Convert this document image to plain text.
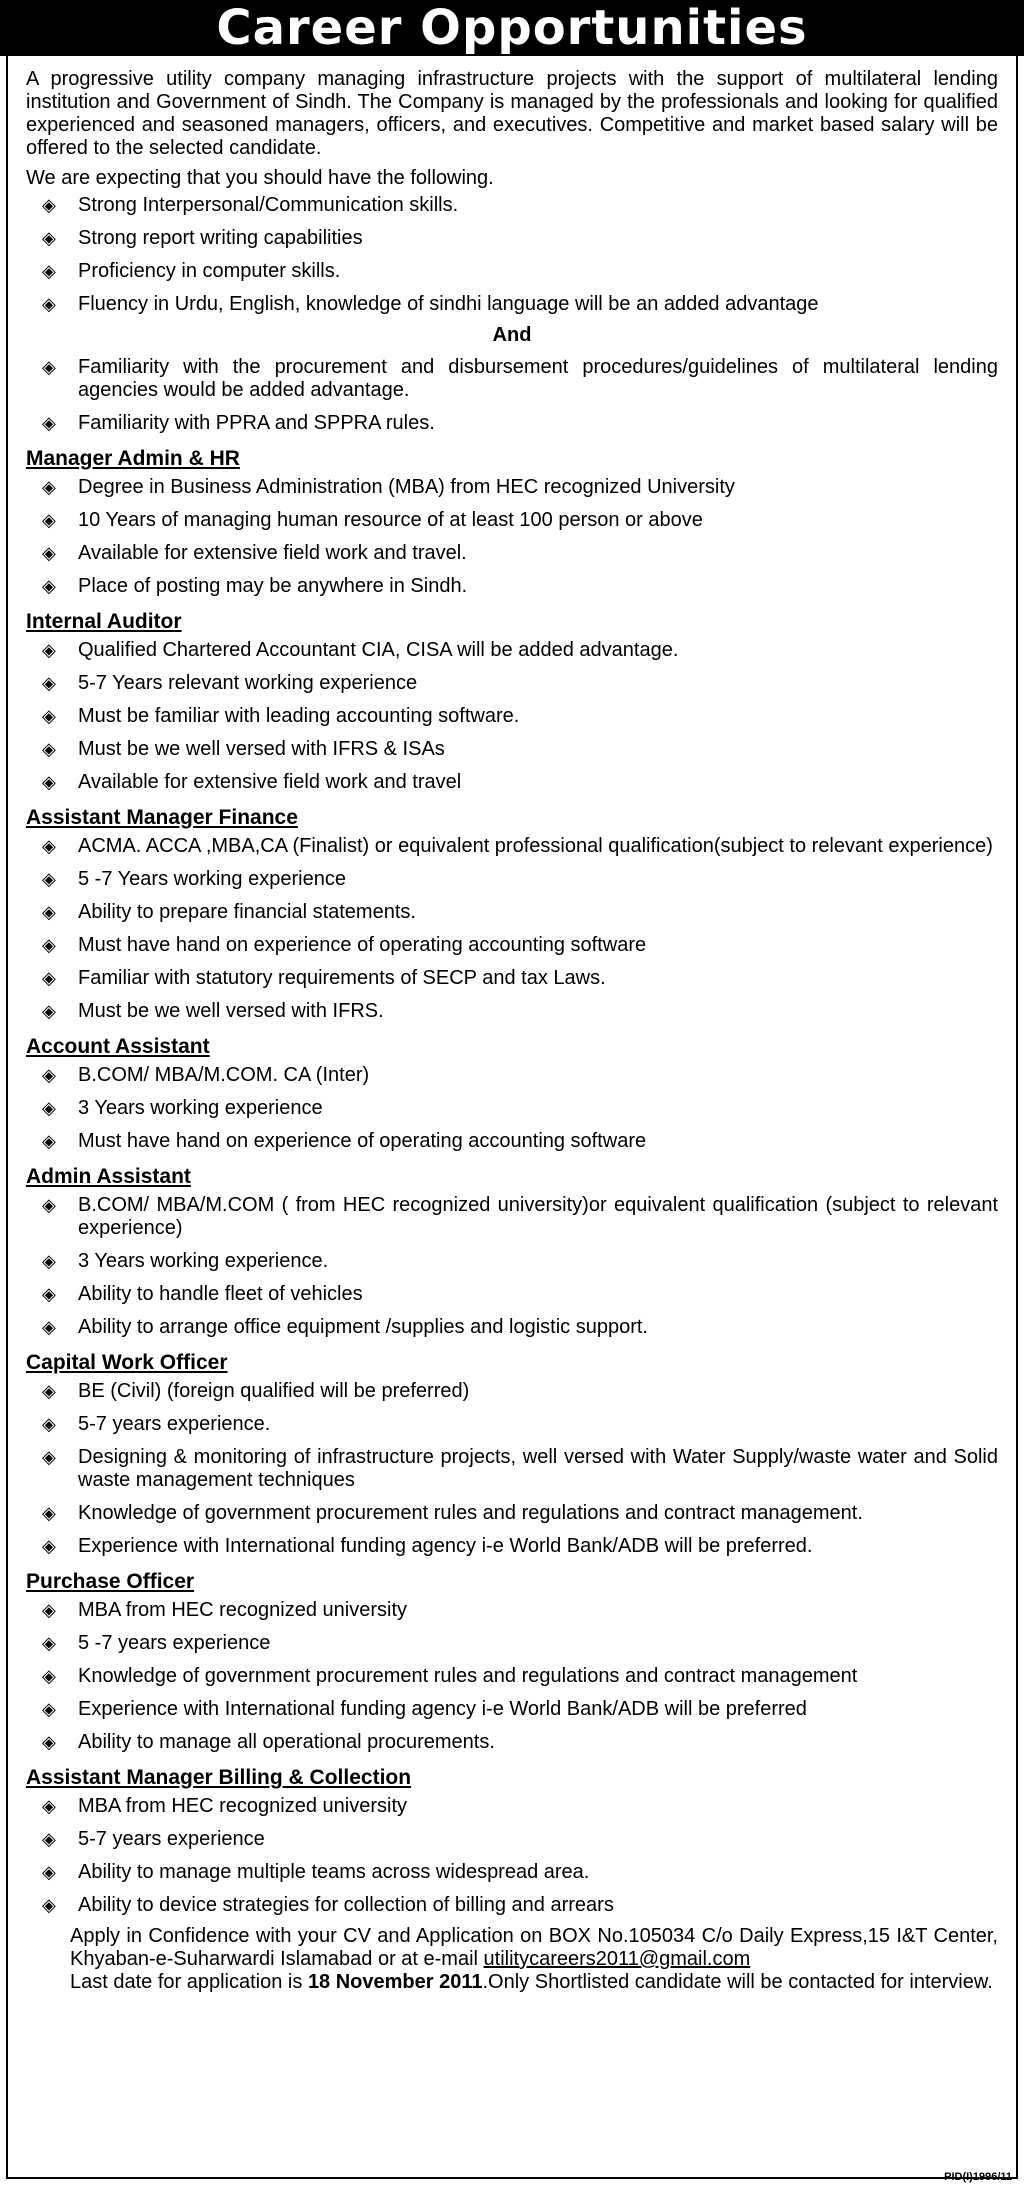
Career Opportunities

A progressive utility company managing infrastructure projects with the support of multilateral lending institution and Government of Sindh. The Company is managed by the professionals and looking for qualified experienced and seasoned managers, officers, and executives. Competitive and market based salary will be offered to the selected candidate.

We are expecting that you should have the following.

◈ Strong Interpersonal/Communication skills.
◈ Strong report writing capabilities
◈ Proficiency in computer skills.
◈ Fluency in Urdu, English, knowledge of sindhi language will be an added advantage
And
◈ Familiarity with the procurement and disbursement procedures/guidelines of multilateral lending agencies would be added advantage.
◈ Familiarity with PPRA and SPPRA rules.
Manager Admin & HR
◈ Degree in Business Administration (MBA) from HEC recognized University
◈ 10 Years of managing human resource of at least 100 person or above
◈ Available for extensive field work and travel.
◈ Place of posting may be anywhere in Sindh.
Internal Auditor
◈ Qualified Chartered Accountant CIA, CISA will be added advantage.
◈ 5-7 Years relevant working experience
◈ Must be familiar with leading accounting software.
◈ Must be we well versed with IFRS & ISAs
◈ Available for extensive field work and travel
Assistant Manager Finance
◈ ACMA. ACCA ,MBA,CA (Finalist) or equivalent professional qualification(subject to relevant experience)
◈ 5 -7 Years working experience
◈ Ability to prepare financial statements.
◈ Must have hand on experience of operating accounting software
◈ Familiar with statutory requirements of SECP and tax Laws.
◈ Must be we well versed with IFRS.
Account Assistant
◈ B.COM/ MBA/M.COM. CA (Inter)
◈ 3 Years working experience
◈ Must have hand on experience of operating accounting software
Admin Assistant
◈ B.COM/ MBA/M.COM ( from HEC recognized university)or equivalent qualification (subject to relevant experience)
◈ 3 Years working experience.
◈ Ability to handle fleet of vehicles
◈ Ability to arrange office equipment /supplies and logistic support.
Capital Work Officer
◈ BE (Civil) (foreign qualified will be preferred)
◈ 5-7 years experience.
◈ Designing & monitoring of infrastructure projects, well versed with Water Supply/waste water and Solid waste management techniques
◈ Knowledge of government procurement rules and regulations and contract management.
◈ Experience with International funding agency i-e World Bank/ADB will be preferred.
Purchase Officer
◈ MBA from HEC recognized university
◈ 5 -7 years experience
◈ Knowledge of government procurement rules and regulations and contract management
◈ Experience with International funding agency i-e World Bank/ADB will be preferred
◈ Ability to manage all operational procurements.
Assistant Manager Billing & Collection
◈ MBA from HEC recognized university
◈ 5-7 years experience
◈ Ability to manage multiple teams across widespread area.
◈ Ability to device strategies for collection of billing and arrears
Apply in Confidence with your CV and Application on BOX No.105034 C/o Daily Express,15 I&T Center, Khyaban-e-Suharwardi Islamabad or at e-mail utilitycareers2011@gmail.com
Last date for application is 18 November 2011.Only Shortlisted candidate will be contacted for interview.
PID(I)1996/11
